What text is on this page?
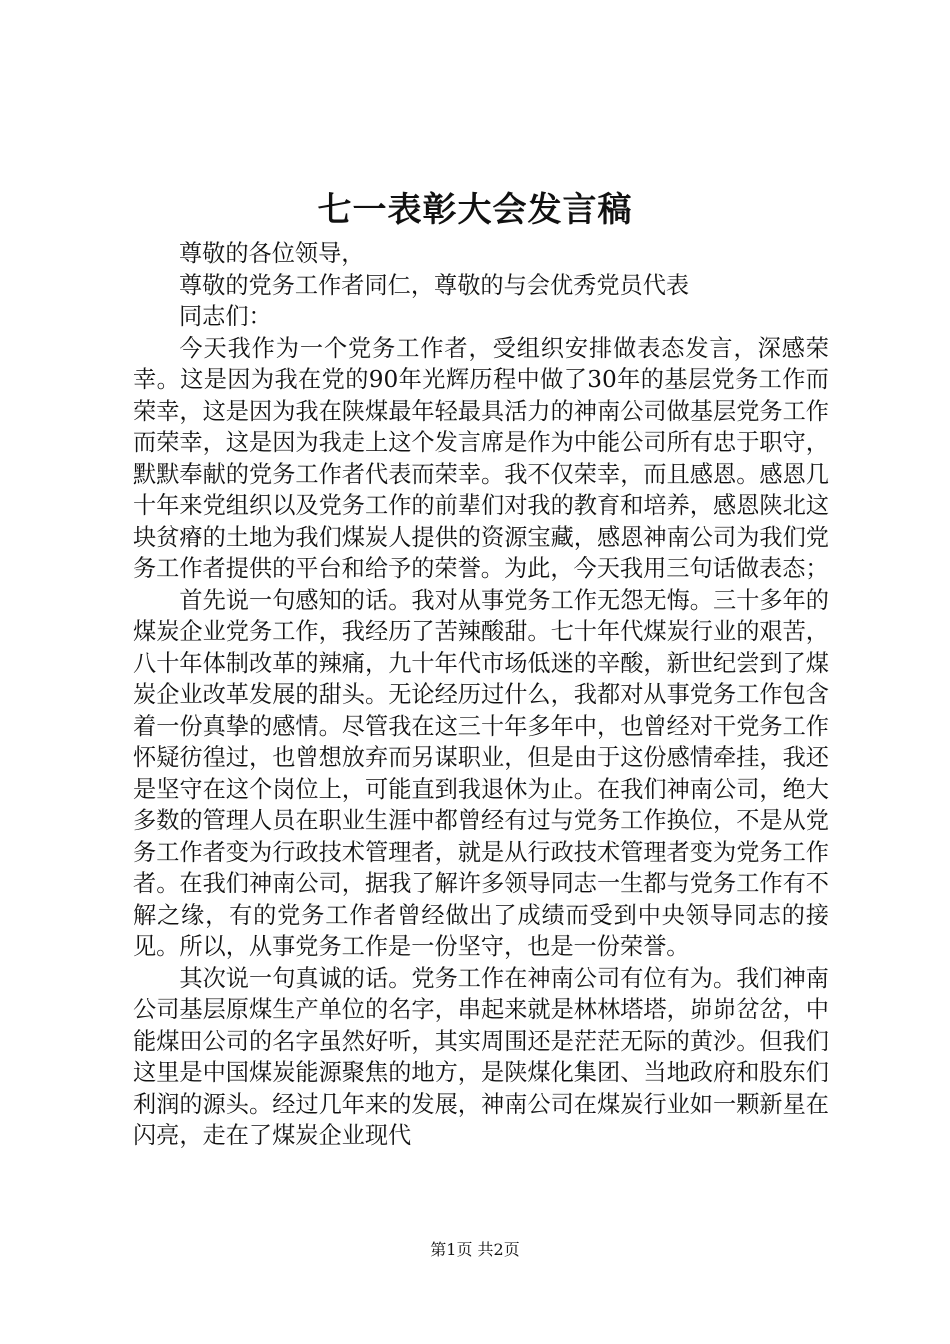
七一表彰大会发言稿
尊敬的各位领导，
尊敬的党务工作者同仁，尊敬的与会优秀党员代表
同志们：

今天我作为一个党务工作者，受组织安排做表态发言，深感荣幸。这是因为我在党的90年光辉历程中做了30年的基层党务工作而荣幸，这是因为我在陕煤最年轻最具活力的神南公司做基层党务工作而荣幸，这是因为我走上这个发言席是作为中能公司所有忠于职守，默默奉献的党务工作者代表而荣幸。我不仅荣幸，而且感恩。感恩几十年来党组织以及党务工作的前辈们对我的教育和培养，感恩陕北这块贫瘠的土地为我们煤炭人提供的资源宝藏，感恩神南公司为我们党务工作者提供的平台和给予的荣誉。为此，今天我用三句话做表态；

首先说一句感知的话。我对从事党务工作无怨无悔。三十多年的煤炭企业党务工作，我经历了苦辣酸甜。七十年代煤炭行业的艰苦，八十年体制改革的辣痛，九十年代市场低迷的辛酸，新世纪尝到了煤炭企业改革发展的甜头。无论经历过什么，我都对从事党务工作包含着一份真挚的感情。尽管我在这三十年多年中，也曾经对干党务工作怀疑彷徨过，也曾想放弃而另谋职业，但是由于这份感情牵挂，我还是坚守在这个岗位上，可能直到我退休为止。在我们神南公司，绝大多数的管理人员在职业生涯中都曾经有过与党务工作换位，不是从党务工作者变为行政技术管理者，就是从行政技术管理者变为党务工作者。在我们神南公司，据我了解许多领导同志一生都与党务工作有不解之缘，有的党务工作者曾经做出了成绩而受到中央领导同志的接见。所以，从事党务工作是一份坚守，也是一份荣誉。

其次说一句真诚的话。党务工作在神南公司有位有为。我们神南公司基层原煤生产单位的名字，串起来就是林林塔塔，峁峁岔岔，中能煤田公司的名字虽然好听，其实周围还是茫茫无际的黄沙。但我们这里是中国煤炭能源聚焦的地方，是陕煤化集团、当地政府和股东们利润的源头。经过几年来的发展，神南公司在煤炭行业如一颗新星在闪亮，走在了煤炭企业现代

第1页 共2页
